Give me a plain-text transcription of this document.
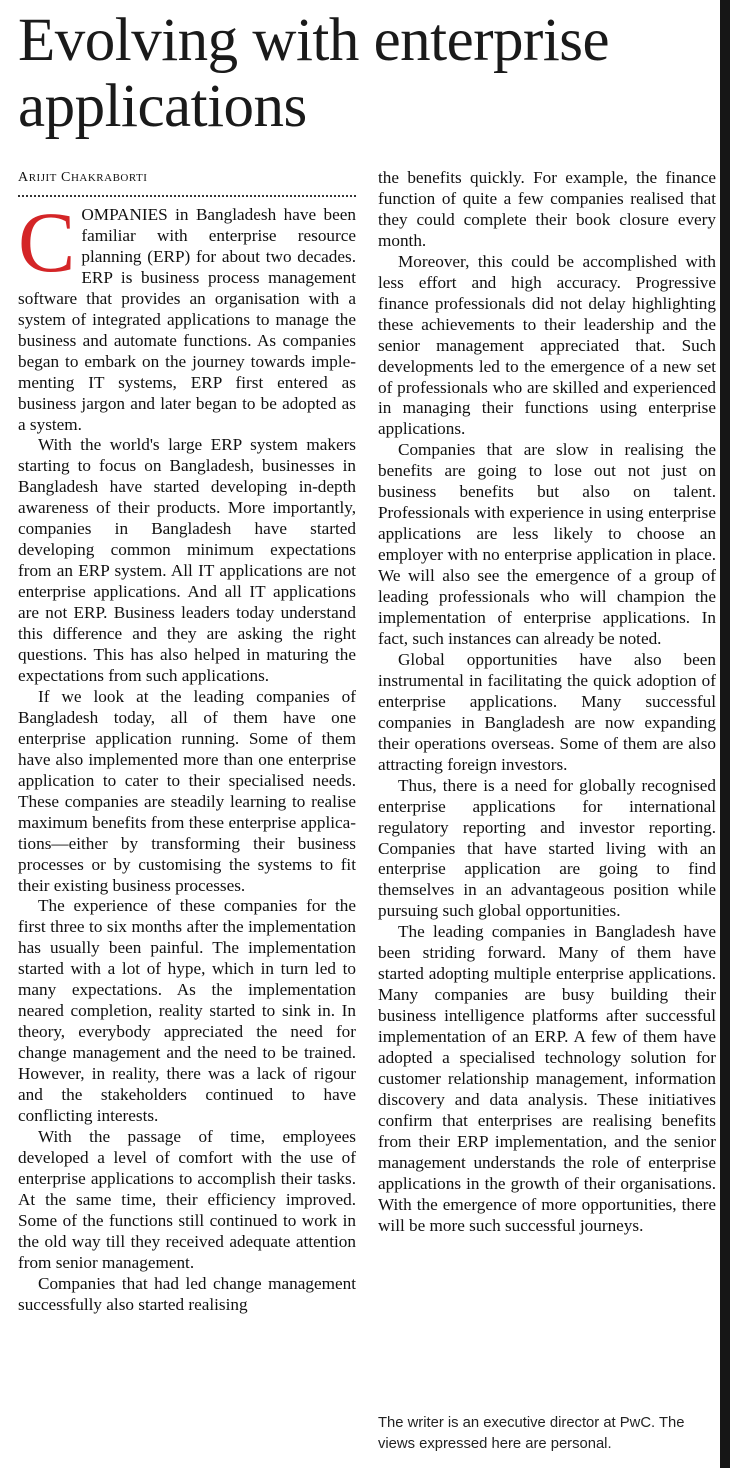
Evolving with enterprise applications

ARIJIT CHAKRABORTI

COMPANIES in Bangladesh have been familiar with enterprise resource planning (ERP) for about two decades. ERP is business process management software that provides an organisation with a system of integrated applications to manage the business and automate functions. As companies began to embark on the journey towards implementing IT systems, ERP first entered as business jargon and later began to be adopted as a system.

With the world's large ERP system makers starting to focus on Bangladesh, businesses in Bangladesh have started developing in-depth awareness of their products. More importantly, companies in Bangladesh have started developing common minimum expectations from an ERP system. All IT applications are not enterprise applications. And all IT applications are not ERP. Business leaders today understand this difference and they are asking the right questions. This has also helped in maturing the expectations from such applications.

If we look at the leading companies of Bangladesh today, all of them have one enterprise application running. Some of them have also implemented more than one enterprise application to cater to their specialised needs. These companies are steadily learning to realise maximum benefits from these enterprise applications—either by transforming their business processes or by customising the systems to fit their existing business processes.

The experience of these companies for the first three to six months after the implementation has usually been painful. The implementation started with a lot of hype, which in turn led to many expectations. As the implementation neared completion, reality started to sink in. In theory, everybody appreciated the need for change management and the need to be trained. However, in reality, there was a lack of rigour and the stakeholders continued to have conflicting interests.

With the passage of time, employees developed a level of comfort with the use of enterprise applications to accomplish their tasks. At the same time, their efficiency improved. Some of the functions still continued to work in the old way till they received adequate attention from senior management.

Companies that had led change management successfully also started realising

the benefits quickly. For example, the finance function of quite a few companies realised that they could complete their book closure every month.

Moreover, this could be accomplished with less effort and high accuracy. Progressive finance professionals did not delay highlighting these achievements to their leadership and the senior management appreciated that. Such developments led to the emergence of a new set of professionals who are skilled and experienced in managing their functions using enterprise applications.

Companies that are slow in realising the benefits are going to lose out not just on business benefits but also on talent. Professionals with experience in using enterprise applications are less likely to choose an employer with no enterprise application in place. We will also see the emergence of a group of leading professionals who will champion the implementation of enterprise applications. In fact, such instances can already be noted.

Global opportunities have also been instrumental in facilitating the quick adoption of enterprise applications. Many successful companies in Bangladesh are now expanding their operations overseas. Some of them are also attracting foreign investors.

Thus, there is a need for globally recognised enterprise applications for international regulatory reporting and investor reporting. Companies that have started living with an enterprise application are going to find themselves in an advantageous position while pursuing such global opportunities.

The leading companies in Bangladesh have been striding forward. Many of them have started adopting multiple enterprise applications. Many companies are busy building their business intelligence platforms after successful implementation of an ERP. A few of them have adopted a specialised technology solution for customer relationship management, information discovery and data analysis. These initiatives confirm that enterprises are realising benefits from their ERP implementation, and the senior management understands the role of enterprise applications in the growth of their organisations. With the emergence of more opportunities, there will be more such successful journeys.

The writer is an executive director at PwC. The views expressed here are personal.
